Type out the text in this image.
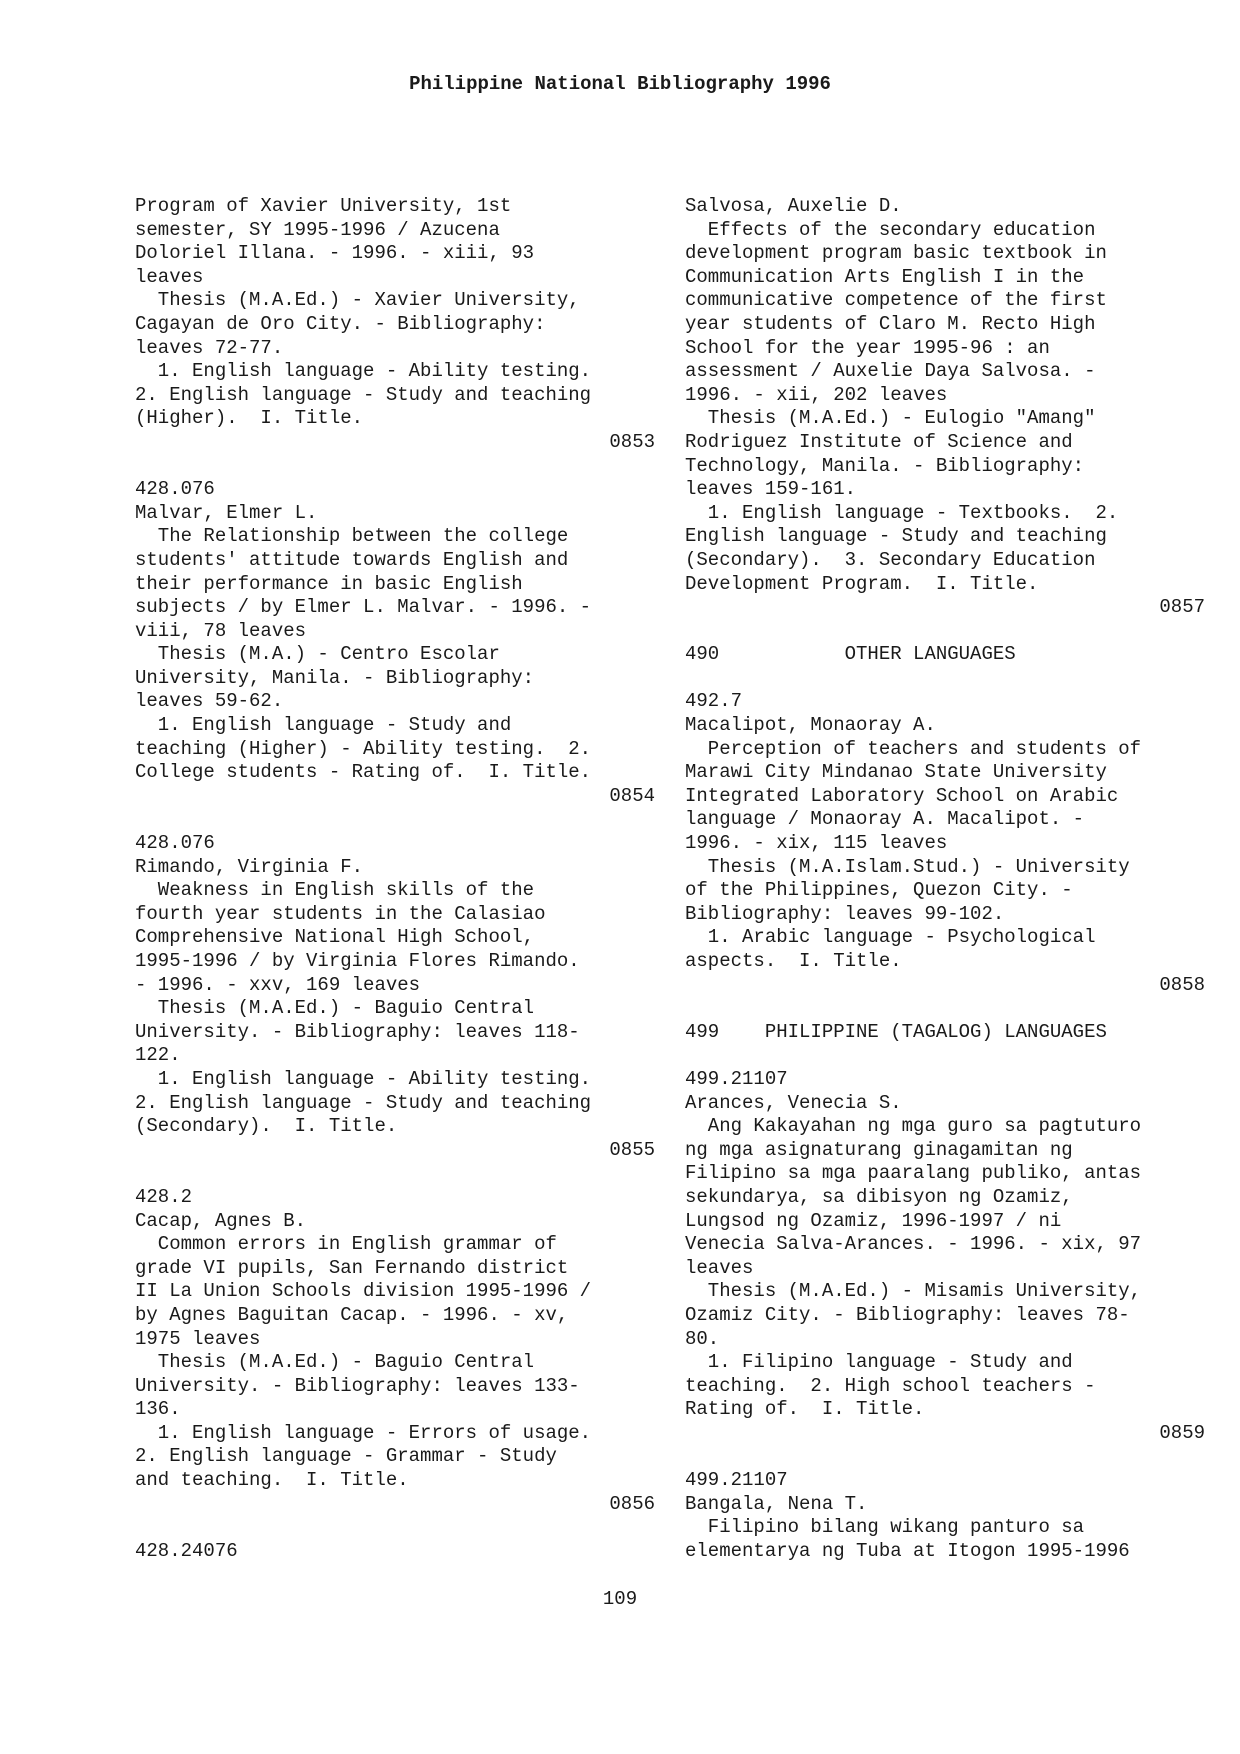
Philippine National Bibliography 1996
Program of Xavier University, 1st
semester, SY 1995-1996 / Azucena
Doloriel Illana. - 1996. - xiii, 93
leaves
Thesis (M.A.Ed.) - Xavier University,
Cagayan de Oro City. - Bibliography:
leaves 72-77.
1. English language - Ability testing.
2. English language - Study and teaching
(Higher).  I. Title.
0853
428.076
Malvar, Elmer L.
The Relationship between the college
students' attitude towards English and
their performance in basic English
subjects / by Elmer L. Malvar. - 1996. -
viii, 78 leaves
Thesis (M.A.) - Centro Escolar
University, Manila. - Bibliography:
leaves 59-62.
1. English language - Study and
teaching (Higher) - Ability testing.  2.
College students - Rating of.  I. Title.
0854
428.076
Rimando, Virginia F.
Weakness in English skills of the
fourth year students in the Calasiao
Comprehensive National High School,
1995-1996 / by Virginia Flores Rimando.
- 1996. - xxv, 169 leaves
Thesis (M.A.Ed.) - Baguio Central
University. - Bibliography: leaves 118-
122.
1. English language - Ability testing.
2. English language - Study and teaching
(Secondary).  I. Title.
0855
428.2
Cacap, Agnes B.
Common errors in English grammar of
grade VI pupils, San Fernando district
II La Union Schools division 1995-1996 /
by Agnes Baguitan Cacap. - 1996. - xv,
1975 leaves
Thesis (M.A.Ed.) - Baguio Central
University. - Bibliography: leaves 133-
136.
1. English language - Errors of usage.
2. English language - Grammar - Study
and teaching.  I. Title.
0856
428.24076
Salvosa, Auxelie D.
Effects of the secondary education
development program basic textbook in
Communication Arts English I in the
communicative competence of the first
year students of Claro M. Recto High
School for the year 1995-96 : an
assessment / Auxelie Daya Salvosa. -
1996. - xii, 202 leaves
Thesis (M.A.Ed.) - Eulogio "Amang"
Rodriguez Institute of Science and
Technology, Manila. - Bibliography:
leaves 159-161.
1. English language - Textbooks.  2.
English language - Study and teaching
(Secondary).  3. Secondary Education
Development Program.  I. Title.
0857
490           OTHER LANGUAGES
492.7
Macalipot, Monaoray A.
Perception of teachers and students of
Marawi City Mindanao State University
Integrated Laboratory School on Arabic
language / Monaoray A. Macalipot. -
1996. - xix, 115 leaves
Thesis (M.A.Islam.Stud.) - University
of the Philippines, Quezon City. -
Bibliography: leaves 99-102.
1. Arabic language - Psychological
aspects.  I. Title.
0858
499    PHILIPPINE (TAGALOG) LANGUAGES
499.21107
Arances, Venecia S.
Ang Kakayahan ng mga guro sa pagtuturo
ng mga asignaturang ginagamitan ng
Filipino sa mga paaralang publiko, antas
sekundarya, sa dibisyon ng Ozamiz,
Lungsod ng Ozamiz, 1996-1997 / ni
Venecia Salva-Arances. - 1996. - xix, 97
leaves
Thesis (M.A.Ed.) - Misamis University,
Ozamiz City. - Bibliography: leaves 78-
80.
1. Filipino language - Study and
teaching.  2. High school teachers -
Rating of.  I. Title.
0859
499.21107
Bangala, Nena T.
Filipino bilang wikang panturo sa
elementarya ng Tuba at Itogon 1995-1996
109
